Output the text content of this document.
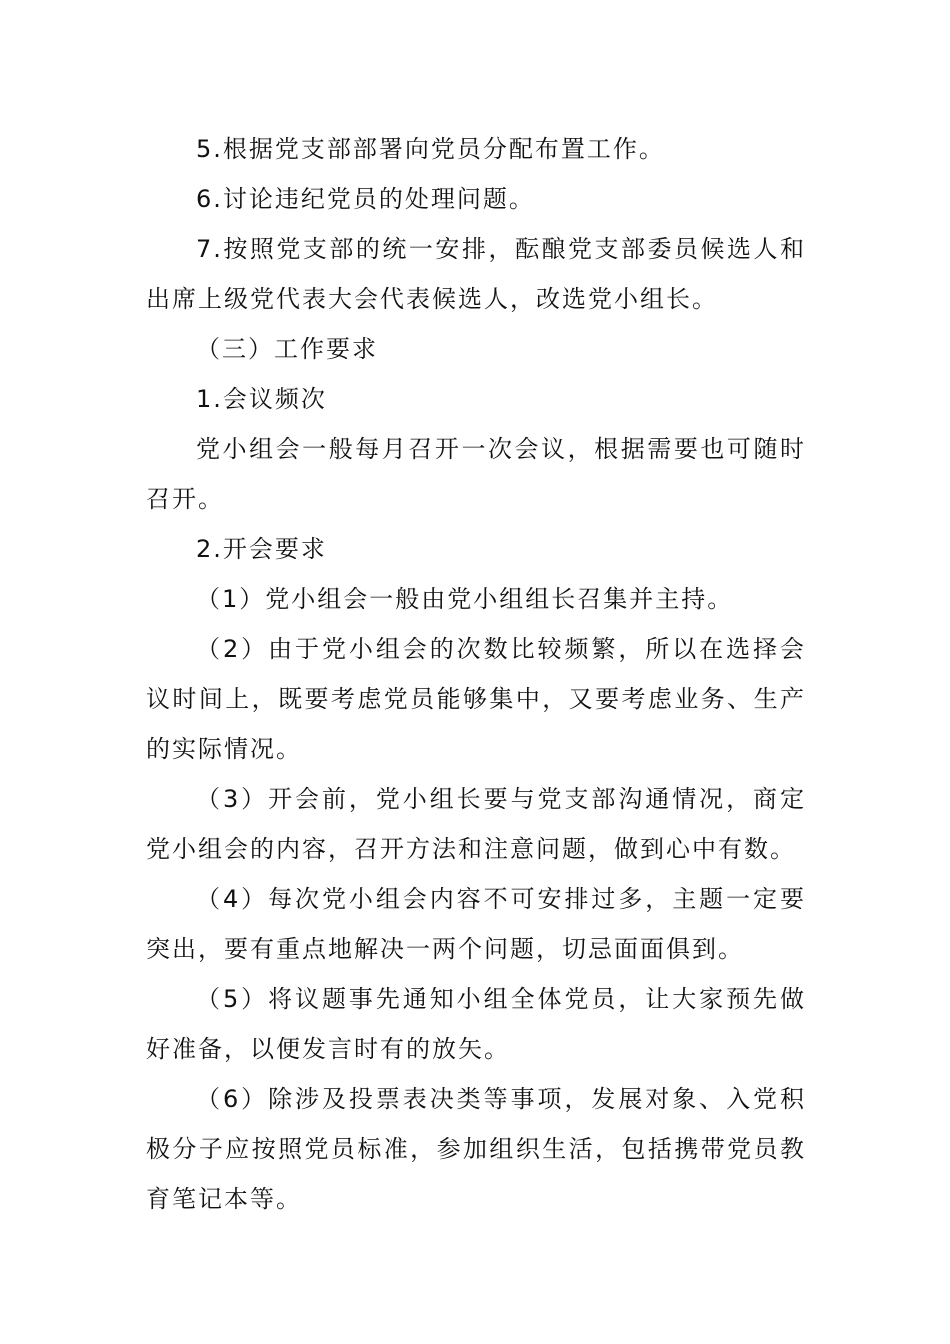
5.根据党支部部署向党员分配布置工作。

6.讨论违纪党员的处理问题。

7.按照党支部的统一安排，酝酿党支部委员候选人和出席上级党代表大会代表候选人，改选党小组长。

（三）工作要求

1.会议频次

党小组会一般每月召开一次会议，根据需要也可随时召开。

2.开会要求

（1）党小组会一般由党小组组长召集并主持。

（2）由于党小组会的次数比较频繁，所以在选择会议时间上，既要考虑党员能够集中，又要考虑业务、生产的实际情况。

（3）开会前，党小组长要与党支部沟通情况，商定党小组会的内容，召开方法和注意问题，做到心中有数。

（4）每次党小组会内容不可安排过多，主题一定要突出，要有重点地解决一两个问题，切忌面面俱到。

（5）将议题事先通知小组全体党员，让大家预先做好准备，以便发言时有的放矢。

（6）除涉及投票表决类等事项，发展对象、入党积极分子应按照党员标准，参加组织生活，包括携带党员教育笔记本等。
